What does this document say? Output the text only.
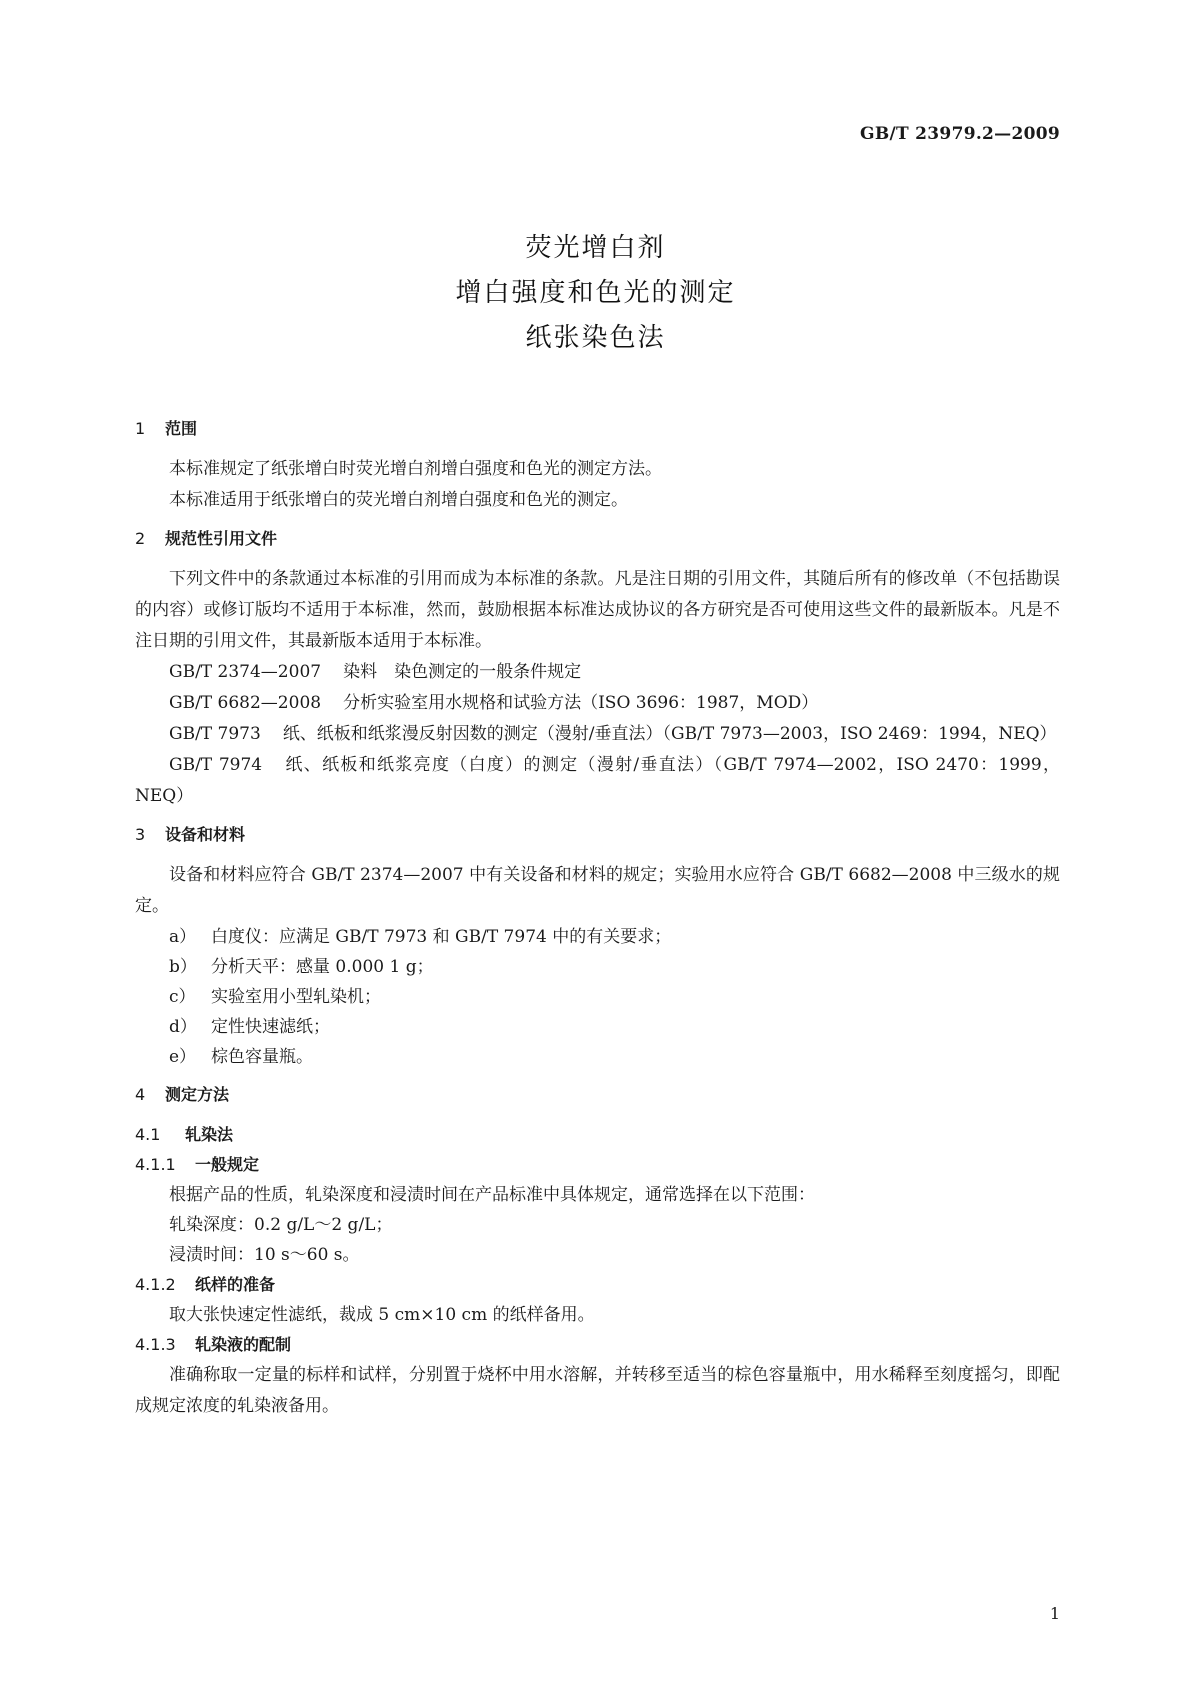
GB/T 23979.2—2009
荧光增白剂
增白强度和色光的测定
纸张染色法
1 范围

本标准规定了纸张增白时荧光增白剂增白强度和色光的测定方法。

本标准适用于纸张增白的荧光增白剂增白强度和色光的测定。

2 规范性引用文件

下列文件中的条款通过本标准的引用而成为本标准的条款。凡是注日期的引用文件，其随后所有的修改单（不包括勘误的内容）或修订版均不适用于本标准，然而，鼓励根据本标准达成协议的各方研究是否可使用这些文件的最新版本。凡是不注日期的引用文件，其最新版本适用于本标准。

GB/T 2374—2007 染料　染色测定的一般条件规定

GB/T 6682—2008 分析实验室用水规格和试验方法（ISO 3696：1987，MOD）

GB/T 7973 纸、纸板和纸浆漫反射因数的测定（漫射/垂直法）（GB/T 7973—2003，ISO 2469：1994，NEQ）

GB/T 7974 纸、纸板和纸浆亮度（白度）的测定（漫射/垂直法）（GB/T 7974—2002，ISO 2470：1999，NEQ）

3 设备和材料

设备和材料应符合 GB/T 2374—2007 中有关设备和材料的规定；实验用水应符合 GB/T 6682—2008 中三级水的规定。

a） 白度仪：应满足 GB/T 7973 和 GB/T 7974 中的有关要求；
b） 分析天平：感量 0.000 1 g；
c） 实验室用小型轧染机；
d） 定性快速滤纸；
e） 棕色容量瓶。
4 测定方法
4.1 轧染法
4.1.1 一般规定
根据产品的性质，轧染深度和浸渍时间在产品标准中具体规定，通常选择在以下范围：
轧染深度：0.2 g/L～2 g/L；
浸渍时间：10 s～60 s。
4.1.2 纸样的准备
取大张快速定性滤纸，裁成 5 cm×10 cm 的纸样备用。
4.1.3 轧染液的配制

准确称取一定量的标样和试样，分别置于烧杯中用水溶解，并转移至适当的棕色容量瓶中，用水稀释至刻度摇匀，即配成规定浓度的轧染液备用。

1
